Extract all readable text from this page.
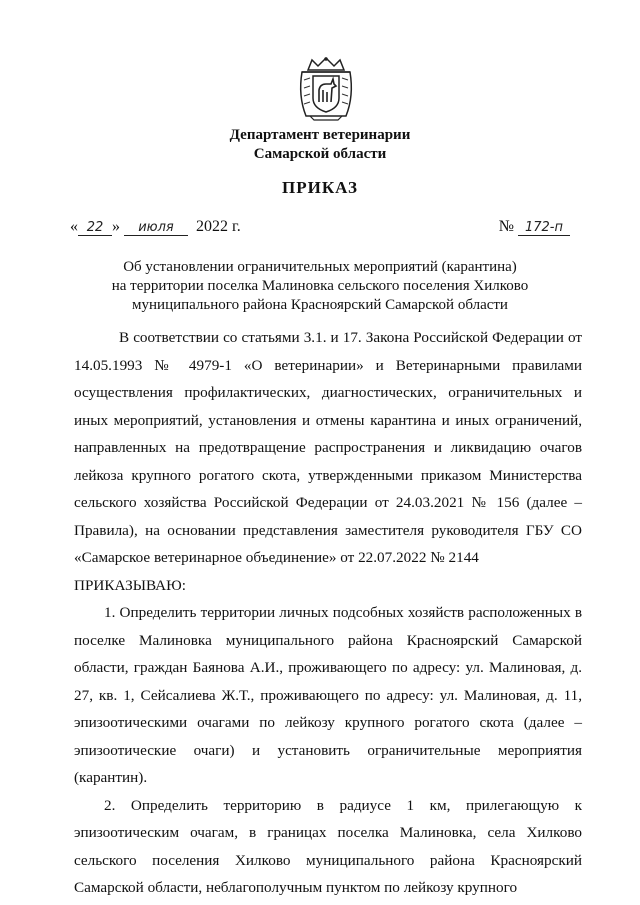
Департамент ветеринарии
Самарской области
ПРИКАЗ
« 22 » июля 2022 г.	№ 172-п
Об установлении ограничительных мероприятий (карантина)
на территории поселка Малиновка сельского поселения Хилково
муниципального района Красноярский Самарской области

В соответствии со статьями 3.1. и 17. Закона Российской Федерации от 14.05.1993 № 4979-1 «О ветеринарии» и Ветеринарными правилами осуществления профилактических, диагностических, ограничительных и иных мероприятий, установления и отмены карантина и иных ограничений, направленных на предотвращение распространения и ликвидацию очагов лейкоза крупного рогатого скота, утвержденными приказом Министерства сельского хозяйства Российской Федерации от 24.03.2021 № 156 (далее – Правила), на основании представления заместителя руководителя ГБУ СО «Самарское ветеринарное объединение» от 22.07.2022 № 2144

ПРИКАЗЫВАЮ:

1. Определить территории личных подсобных хозяйств расположенных в поселке Малиновка муниципального района Красноярский Самарской области, граждан Баянова А.И., проживающего по адресу: ул. Малиновая, д. 27, кв. 1, Сейсалиева Ж.Т., проживающего по адресу: ул. Малиновая, д. 11, эпизоотическими очагами по лейкозу крупного рогатого скота (далее – эпизоотические очаги) и установить ограничительные мероприятия (карантин).

2. Определить территорию в радиусе 1 км, прилегающую к эпизоотическим очагам, в границах поселка Малиновка, села Хилково сельского поселения Хилково муниципального района Красноярский Самарской области, неблагополучным пунктом по лейкозу крупного
